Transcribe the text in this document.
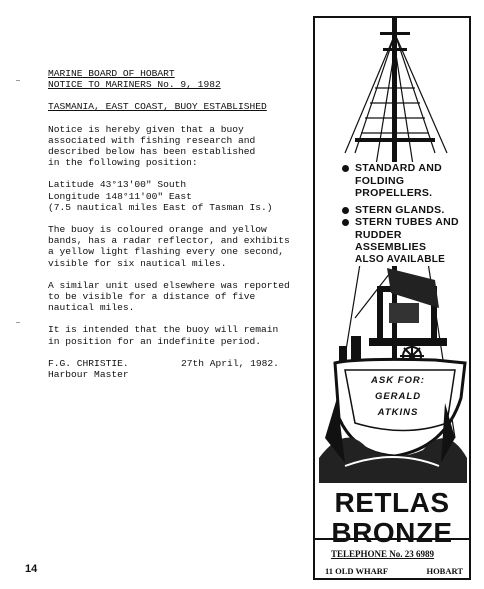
MARINE BOARD OF HOBART

NOTICE TO MARINERS No. 9, 1982

TASMANIA, EAST COAST, BUOY ESTABLISHED

Notice is hereby given that a buoy

associated with fishing research and

described below has been established

in the following position:

Latitude 43°13'00" South

Longitude 148°11'00" East

(7.5 nautical miles East of Tasman Is.)

The buoy is coloured orange and yellow

bands, has a radar reflector, and exhibits

a yellow light flashing every one second,

visible for six nautical miles.

A similar unit used elsewhere was reported

to be visible for a distance of five

nautical miles.

It is intended that the buoy will remain

in position for an indefinite period.

F.G. CHRISTIE.	27th April, 1982.

Harbour Master

14
STANDARD AND FOLDING PROPELLERS.
STERN GLANDS.
STERN TUBES AND RUDDER ASSEMBLIES
ALSO AVAILABLE
ASK FOR:
GERALD
ATKINS
RETLAS
BRONZE
TELEPHONE No. 23 6989
11 OLD WHARF	HOBART
